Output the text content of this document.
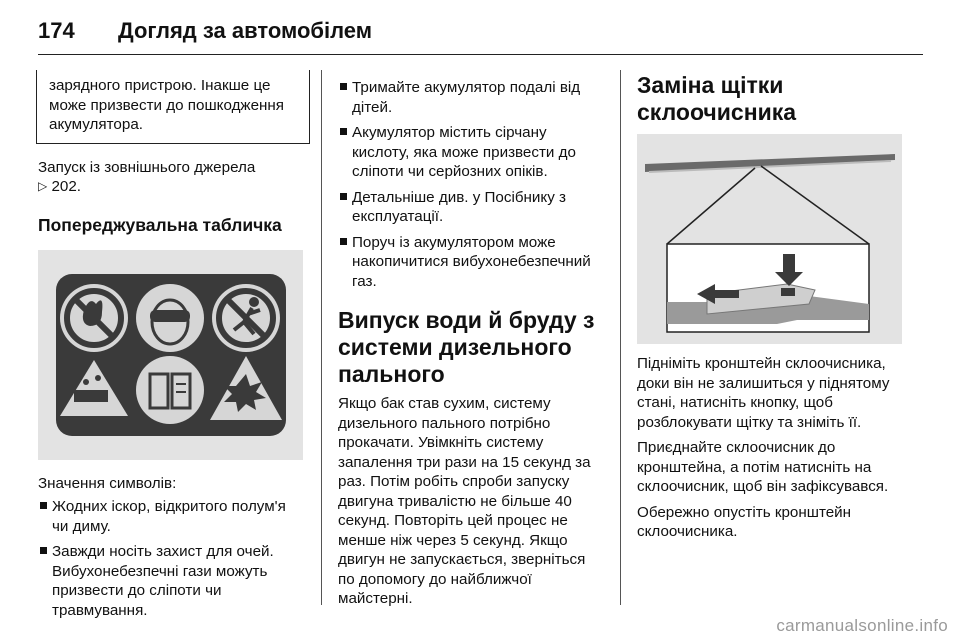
174 Догляд за автомобілем

зарядного пристрою. Інакше це може призвести до пошкодження акумулятора.

Запуск із зовнішнього джерела
▷ 202.

Попереджувальна табличка

Значення символів:

Жодних іскор, відкритого полум'я чи диму.
Завжди носіть захист для очей. Вибухонебезпечні гази можуть призвести до сліпоти чи травмування.
Тримайте акумулятор подалі від дітей.
Акумулятор містить сірчану кислоту, яка може призвести до сліпоти чи серйозних опіків.
Детальніше див. у Посібнику з експлуатації.
Поруч із акумулятором може накопичитися вибухонебезпечний газ.
Випуск води й бруду з системи дизельного пального

Якщо бак став сухим, систему дизельного пального потрібно прокачати. Увімкніть систему запалення три рази на 15 секунд за раз. Потім робіть спроби запуску двигуна тривалістю не більше 40 секунд. Повторіть цей процес не менше ніж через 5 секунд. Якщо двигун не запускається, зверніться по допомогу до найближчої майстерні.

Заміна щітки склоочисника

Підніміть кронштейн склоочисника, доки він не залишиться у піднятому стані, натисніть кнопку, щоб розблокувати щітку та зніміть її.

Приєднайте склоочисник до кронштейна, а потім натисніть на склоочисник, щоб він зафіксувався.

Обережно опустіть кронштейн склоочисника.

carmanualsonline.info
